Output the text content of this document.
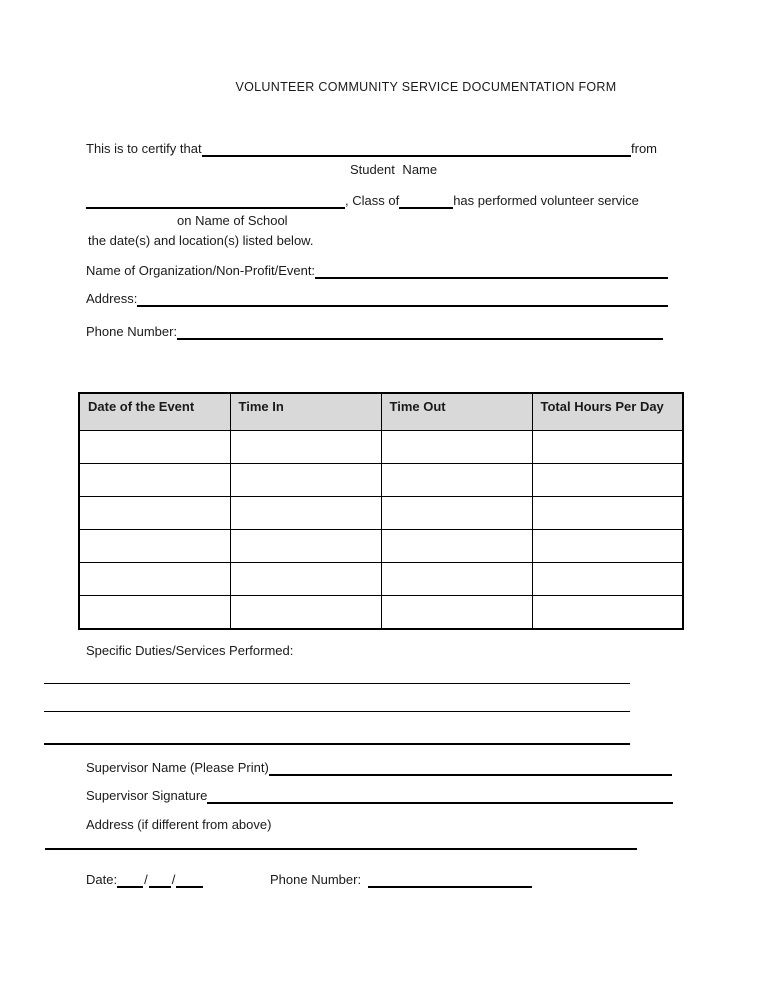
VOLUNTEER COMMUNITY SERVICE DOCUMENTATION FORM
This is to certify that	from
Student Name
, Class of	has performed volunteer service
on Name of School
the date(s) and location(s) listed below.
Name of Organization/Non-Profit/Event:
Address:
Phone Number:
Date of the Event	Time In	Time Out	Total Hours Per Day

Specific Duties/Services Performed:
Supervisor Name (Please Print)
Supervisor Signature
Address (if different from above)
Date: / /	Phone Number:
